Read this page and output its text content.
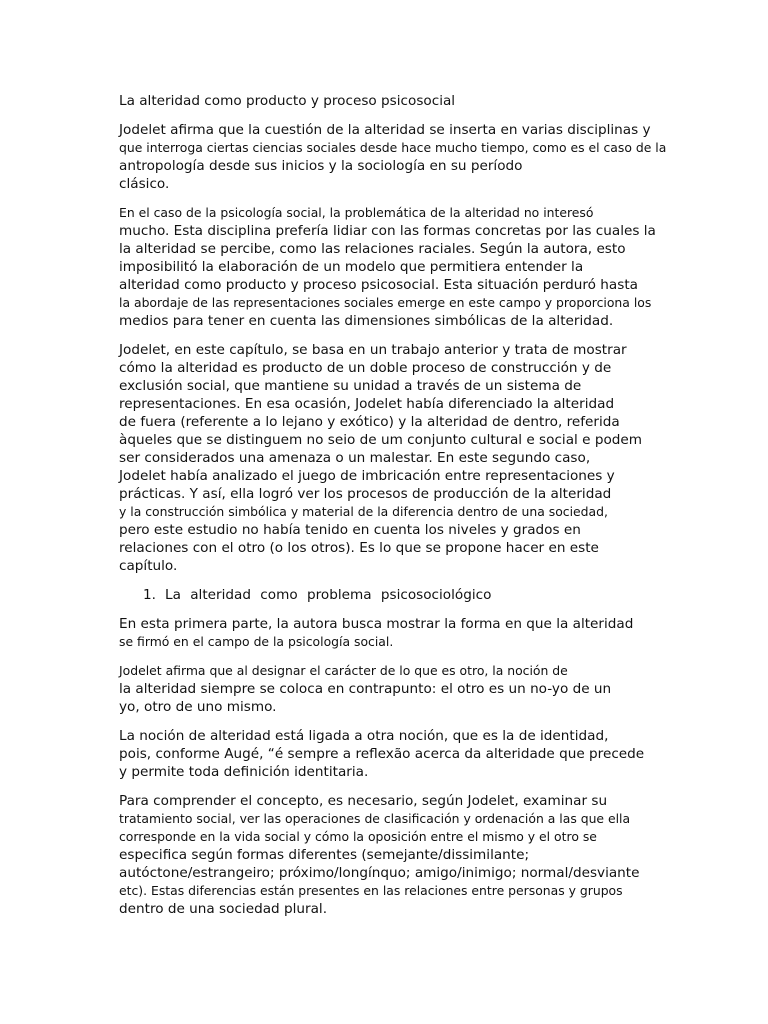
La alteridad como producto y proceso psicosocial

Jodelet afirma que la cuestión de la alteridad se inserta en varias disciplinas y
que interroga ciertas ciencias sociales desde hace mucho tiempo, como es el caso de la
antropología desde sus inicios y la sociología en su período
clásico.

En el caso de la psicología social, la problemática de la alteridad no interesó
mucho. Esta disciplina prefería lidiar con las formas concretas por las cuales la
la alteridad se percibe, como las relaciones raciales. Según la autora, esto
imposibilitó la elaboración de un modelo que permitiera entender la
alteridad como producto y proceso psicosocial. Esta situación perduró hasta
la abordaje de las representaciones sociales emerge en este campo y proporciona los
medios para tener en cuenta las dimensiones simbólicas de la alteridad.

Jodelet, en este capítulo, se basa en un trabajo anterior y trata de mostrar
cómo la alteridad es producto de un doble proceso de construcción y de
exclusión social, que mantiene su unidad a través de un sistema de
representaciones. En esa ocasión, Jodelet había diferenciado la alteridad
de fuera (referente a lo lejano y exótico) y la alteridad de dentro, referida
àqueles que se distinguem no seio de um conjunto cultural e social e podem
ser considerados una amenaza o un malestar. En este segundo caso,
Jodelet había analizado el juego de imbricación entre representaciones y
prácticas. Y así, ella logró ver los procesos de producción de la alteridad
y la construcción simbólica y material de la diferencia dentro de una sociedad,
pero este estudio no había tenido en cuenta los niveles y grados en
relaciones con el otro (o los otros). Es lo que se propone hacer en este
capítulo.

1. La alteridad como problema psicosociológico

En esta primera parte, la autora busca mostrar la forma en que la alteridad
se firmó en el campo de la psicología social.

Jodelet afirma que al designar el carácter de lo que es otro, la noción de
la alteridad siempre se coloca en contrapunto: el otro es un no-yo de un
yo, otro de uno mismo.

La noción de alteridad está ligada a otra noción, que es la de identidad,
pois, conforme Augé, “é sempre a reflexão acerca da alteridade que precede
y permite toda definición identitaria.

Para comprender el concepto, es necesario, según Jodelet, examinar su
tratamiento social, ver las operaciones de clasificación y ordenación a las que ella
corresponde en la vida social y cómo la oposición entre el mismo y el otro se
especifica según formas diferentes (semejante/dissimilante;
autóctone/estrangeiro; próximo/longínquo; amigo/inimigo; normal/desviante
etc). Estas diferencias están presentes en las relaciones entre personas y grupos
dentro de una sociedad plural.
